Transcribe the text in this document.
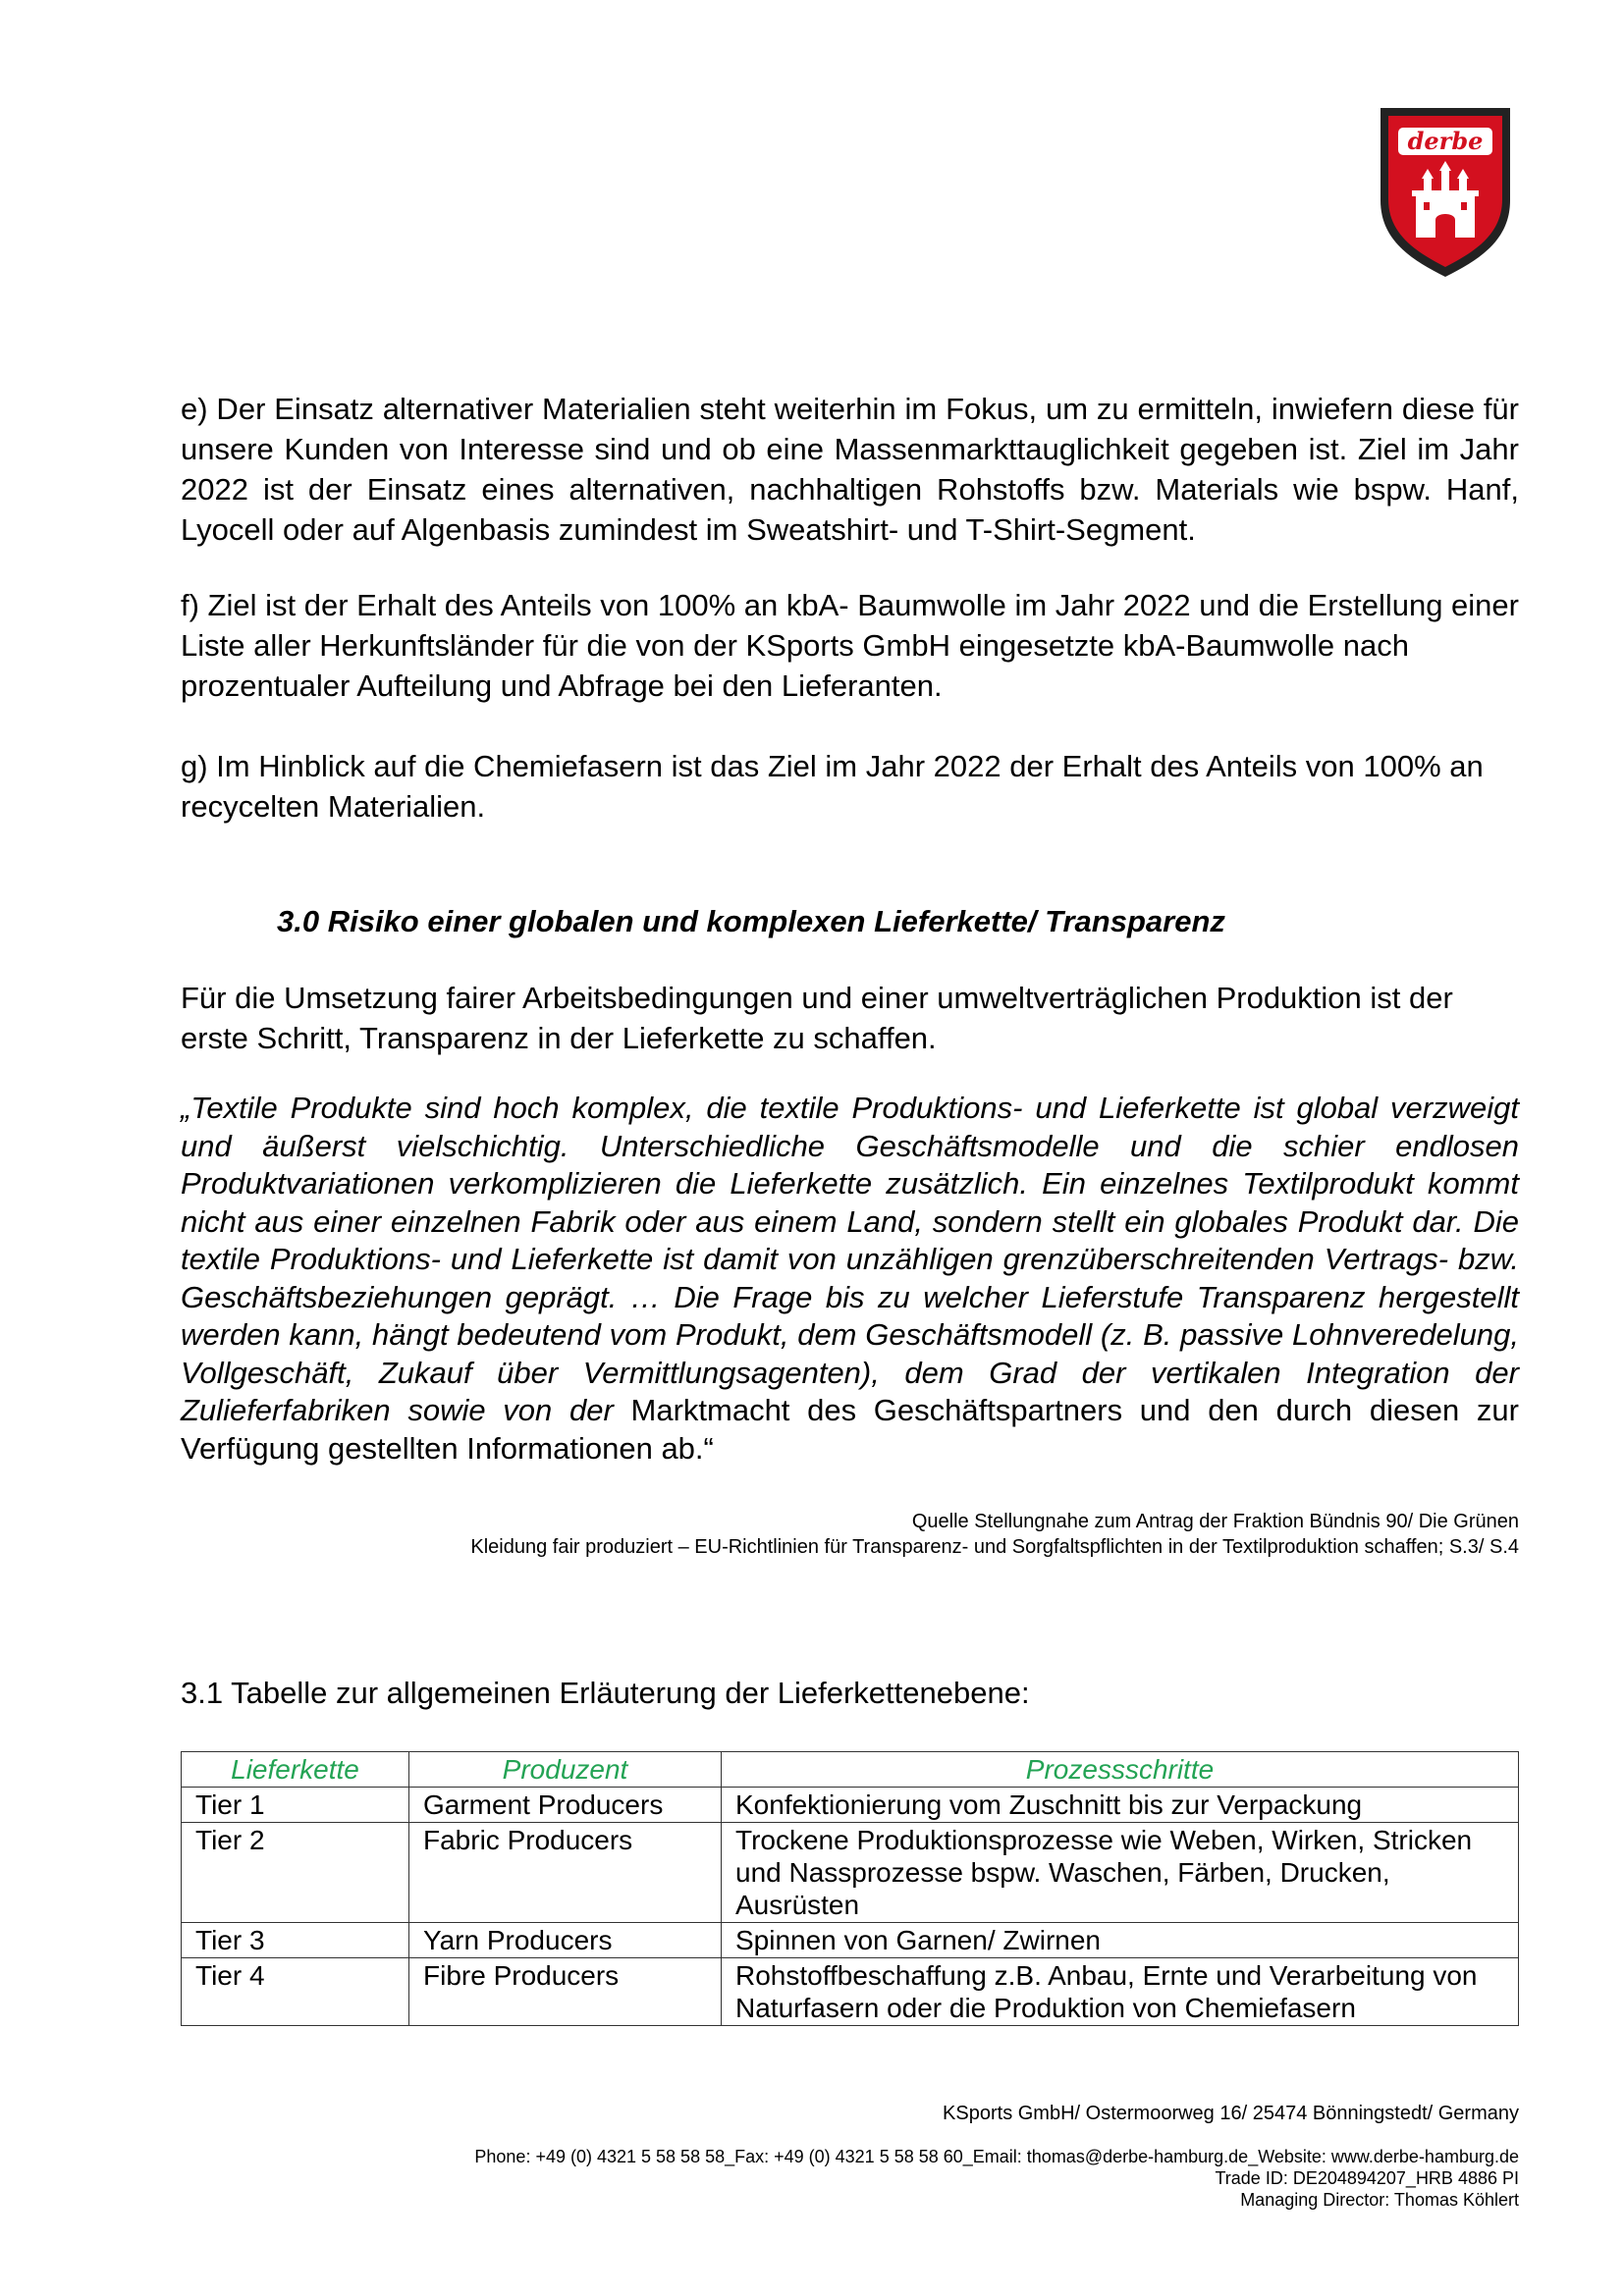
derbe

e) Der Einsatz alternativer Materialien steht weiterhin im Fokus, um zu ermitteln, inwiefern diese für unsere Kunden von Interesse sind und ob eine Massenmarkttauglichkeit gegeben ist. Ziel im Jahr 2022 ist der Einsatz eines alternativen, nachhaltigen Rohstoffs bzw. Materials wie bspw. Hanf, Lyocell oder auf Algenbasis zumindest im Sweatshirt- und T-Shirt-Segment.

f) Ziel ist der Erhalt des Anteils von 100% an kbA- Baumwolle im Jahr 2022 und die Erstellung einer Liste aller Herkunftsländer für die von der KSports GmbH eingesetzte kbA-Baumwolle nach prozentualer Aufteilung und Abfrage bei den Lieferanten.

g) Im Hinblick auf die Chemiefasern ist das Ziel im Jahr 2022 der Erhalt des Anteils von 100% an recycelten Materialien.

3.0 Risiko einer globalen und komplexen Lieferkette/ Transparenz

Für die Umsetzung fairer Arbeitsbedingungen und einer umweltverträglichen Produktion ist der erste Schritt, Transparenz in der Lieferkette zu schaffen.

„Textile Produkte sind hoch komplex, die textile Produktions- und Lieferkette ist global verzweigt und äußerst vielschichtig. Unterschiedliche Geschäftsmodelle und die schier endlosen Produktvariationen verkomplizieren die Lieferkette zusätzlich. Ein einzelnes Textilprodukt kommt nicht aus einer einzelnen Fabrik oder aus einem Land, sondern stellt ein globales Produkt dar. Die textile Produktions- und Lieferkette ist damit von unzähligen grenzüberschreitenden Vertrags- bzw. Geschäftsbeziehungen geprägt. … Die Frage bis zu welcher Lieferstufe Transparenz hergestellt werden kann, hängt bedeutend vom Produkt, dem Geschäftsmodell (z. B. passive Lohnveredelung, Vollgeschäft, Zukauf über Vermittlungsagenten), dem Grad der vertikalen Integration der Zulieferfabriken sowie von der Marktmacht des Geschäftspartners und den durch diesen zur Verfügung gestellten Informationen ab.“

Quelle Stellungnahe zum Antrag der Fraktion Bündnis 90/ Die Grünen

Kleidung fair produziert – EU-Richtlinien für Transparenz- und Sorgfaltspflichten in der Textilproduktion schaffen; S.3/ S.4

3.1 Tabelle zur allgemeinen Erläuterung der Lieferkettenebene:

Lieferkette	Produzent	Prozessschritte
Tier 1	Garment Producers	Konfektionierung vom Zuschnitt bis zur Verpackung
Tier 2	Fabric Producers	Trockene Produktionsprozesse wie Weben, Wirken, Stricken und Nassprozesse bspw. Waschen, Färben, Drucken, Ausrüsten
Tier 3	Yarn Producers	Spinnen von Garnen/ Zwirnen
Tier 4	Fibre Producers	Rohstoffbeschaffung z.B. Anbau, Ernte und Verarbeitung von Naturfasern oder die Produktion von Chemiefasern

KSports GmbH/ Ostermoorweg 16/ 25474 Bönningstedt/ Germany

Phone: +49 (0) 4321 5 58 58 58_Fax: +49 (0) 4321 5 58 58 60_Email: thomas@derbe-hamburg.de_Website: www.derbe-hamburg.de

Trade ID: DE204894207_HRB 4886 PI

Managing Director: Thomas Köhlert
